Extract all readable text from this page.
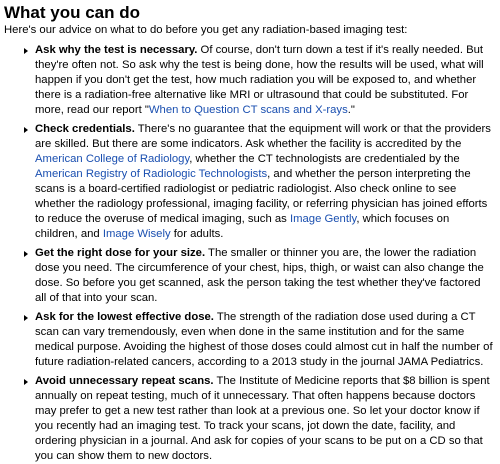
What you can do

Here's our advice on what to do before you get any radiation-based imaging test:

Ask why the test is necessary. Of course, don't turn down a test if it's really needed. But they're often not. So ask why the test is being done, how the results will be used, what will happen if you don't get the test, how much radiation you will be exposed to, and whether there is a radiation-free alternative like MRI or ultrasound that could be substituted. For more, read our report "When to Question CT scans and X-rays."
Check credentials. There's no guarantee that the equipment will work or that the providers are skilled. But there are some indicators. Ask whether the facility is accredited by the American College of Radiology, whether the CT technologists are credentialed by the American Registry of Radiologic Technologists, and whether the person interpreting the scans is a board-certified radiologist or pediatric radiologist. Also check online to see whether the radiology professional, imaging facility, or referring physician has joined efforts to reduce the overuse of medical imaging, such as Image Gently, which focuses on children, and Image Wisely for adults.
Get the right dose for your size. The smaller or thinner you are, the lower the radiation dose you need. The circumference of your chest, hips, thigh, or waist can also change the dose. So before you get scanned, ask the person taking the test whether they've factored all of that into your scan.
Ask for the lowest effective dose. The strength of the radiation dose used during a CT scan can vary tremendously, even when done in the same institution and for the same medical purpose. Avoiding the highest of those doses could almost cut in half the number of future radiation-related cancers, according to a 2013 study in the journal JAMA Pediatrics.
Avoid unnecessary repeat scans. The Institute of Medicine reports that $8 billion is spent annually on repeat testing, much of it unnecessary. That often happens because doctors may prefer to get a new test rather than look at a previous one. So let your doctor know if you recently had an imaging test. To track your scans, jot down the date, facility, and ordering physician in a journal. And ask for copies of your scans to be put on a CD so that you can show them to new doctors.
